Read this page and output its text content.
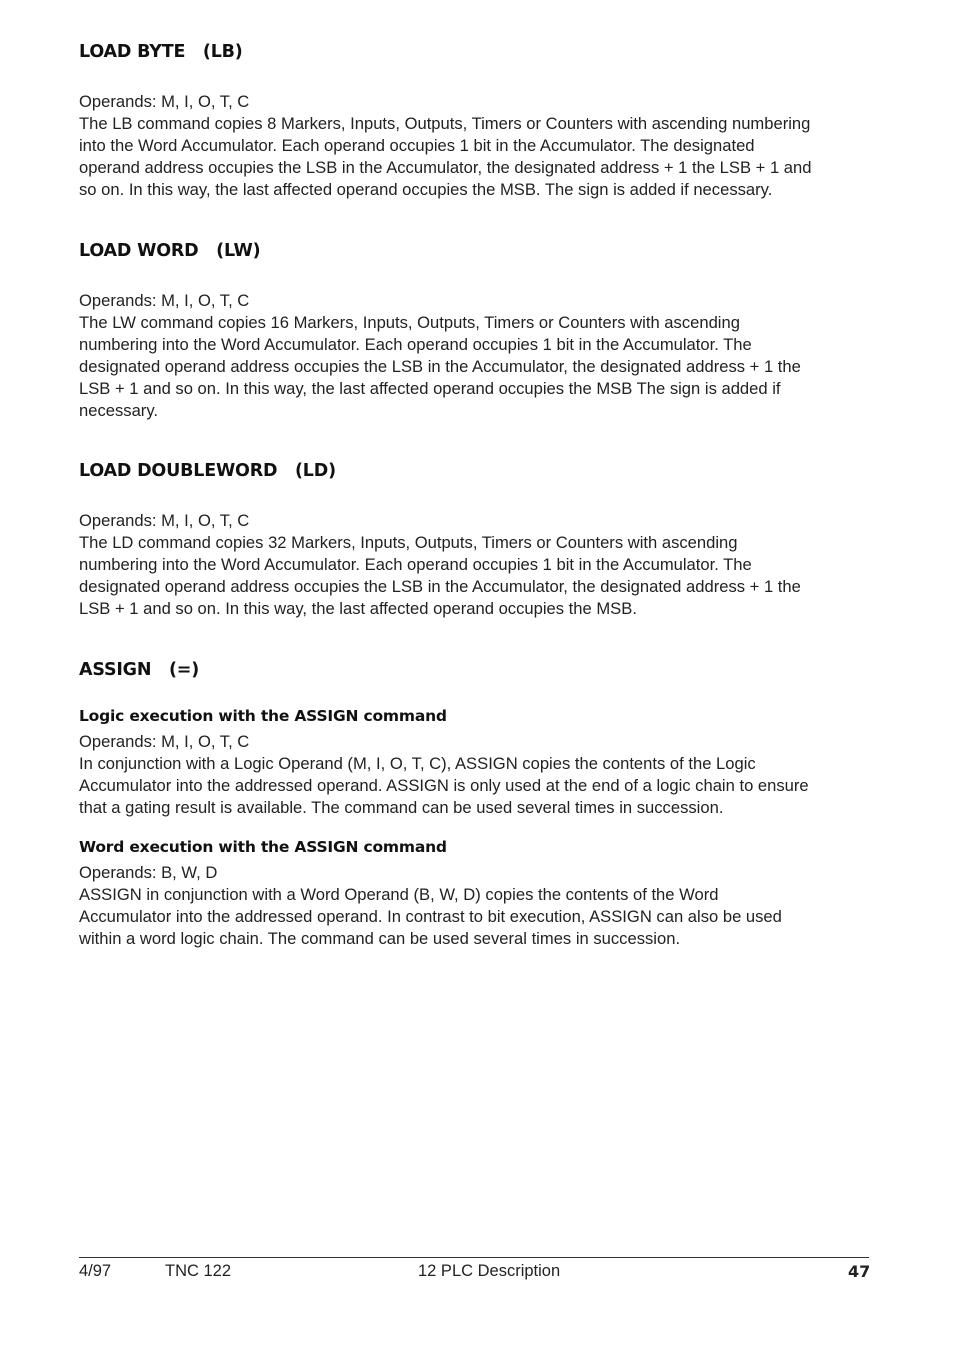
LOAD BYTE   (LB)

Operands: M, I, O, T, C
The LB command copies 8 Markers, Inputs, Outputs, Timers or Counters with ascending numbering
into the Word Accumulator. Each operand occupies 1 bit in the Accumulator. The designated
operand address occupies the LSB in the Accumulator, the designated address + 1 the LSB + 1 and
so on. In this way, the last affected operand occupies the MSB. The sign is added if necessary.

LOAD WORD   (LW)

Operands: M, I, O, T, C
The LW command copies 16 Markers, Inputs, Outputs, Timers or Counters with ascending
numbering into the Word Accumulator. Each operand occupies 1 bit in the Accumulator. The
designated operand address occupies the LSB in the Accumulator, the designated address + 1 the
LSB + 1 and so on. In this way, the last affected operand occupies the MSB The sign is added if
necessary.

LOAD DOUBLEWORD   (LD)

Operands: M, I, O, T, C
The LD command copies 32 Markers, Inputs, Outputs, Timers or Counters with ascending
numbering into the Word Accumulator. Each operand occupies 1 bit in the Accumulator. The
designated operand address occupies the LSB in the Accumulator, the designated address + 1 the
LSB + 1 and so on. In this way, the last affected operand occupies the MSB.

ASSIGN   (=)
Logic execution with the ASSIGN command

Operands: M, I, O, T, C
In conjunction with a Logic Operand (M, I, O, T, C), ASSIGN copies the contents of the Logic
Accumulator into the addressed operand. ASSIGN is only used at the end of a logic chain to ensure
that a gating result is available. The command can be used several times in succession.

Word execution with the ASSIGN command

Operands: B, W, D
ASSIGN in conjunction with a Word Operand (B, W, D) copies the contents of the Word
Accumulator into the addressed operand. In contrast to bit execution, ASSIGN can also be used
within a word logic chain. The command can be used several times in succession.

4/97	TNC 122	12 PLC Description	47
